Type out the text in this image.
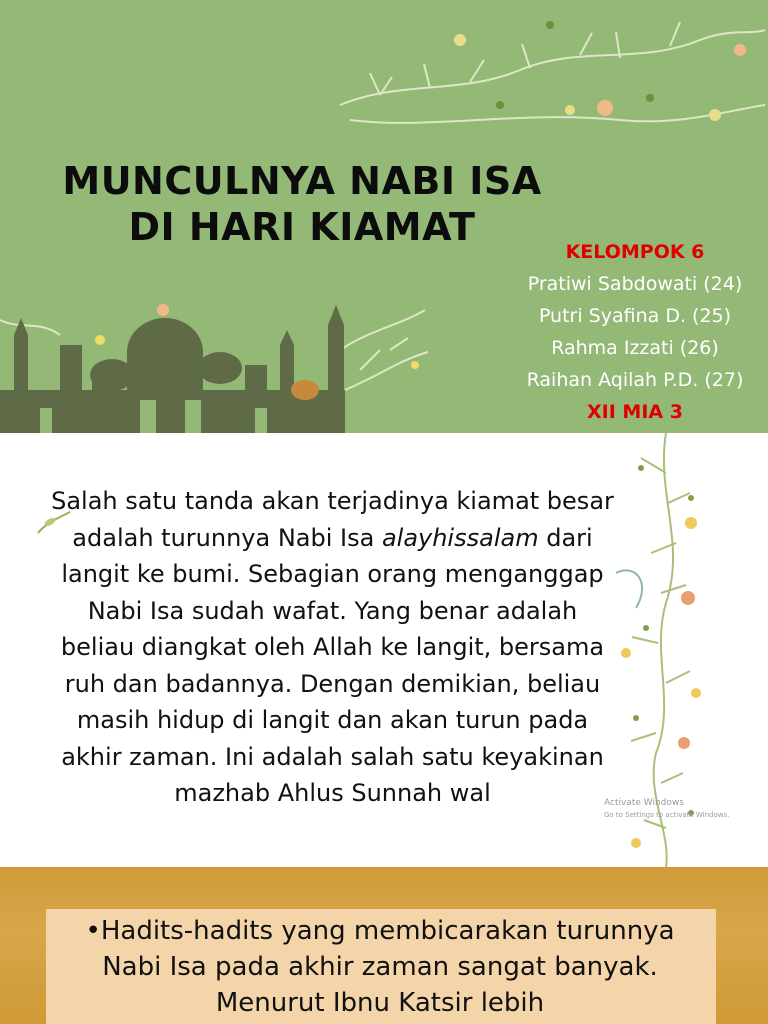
MUNCULNYA NABI ISA
DI HARI KIAMAT
KELOMPOK 6
Pratiwi Sabdowati (24)
Putri Syafina D. (25)
Rahma Izzati (26)
Raihan Aqilah P.D. (27)
XII MIA 3

Salah satu tanda akan terjadinya kiamat besar adalah turunnya Nabi Isa alayhissalam dari langit ke bumi. Sebagian orang menganggap Nabi Isa sudah wafat. Yang benar adalah beliau diangkat oleh Allah ke langit, bersama ruh dan badannya. Dengan demikian, beliau masih hidup di langit dan akan turun pada akhir zaman. Ini adalah salah satu keyakinan mazhab Ahlus Sunnah wal	Activate Windows
Go to Settings to activate Windows.

•Hadits-hadits yang membicarakan turunnya Nabi Isa pada akhir zaman sangat banyak. Menurut Ibnu Katsir lebih
